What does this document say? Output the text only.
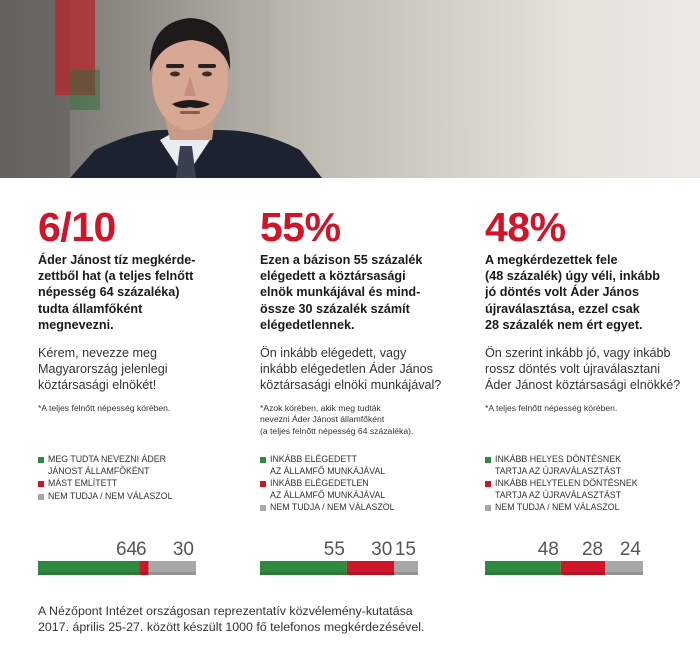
6/10

Áder Jánost tíz megkérde-
zettből hat (a teljes felnőtt
népesség 64 százaléka)
tudta államfőként
megnevezni.

Kérem, nevezze meg
Magyarország jelenlegi
köztársasági elnökét!

*A teljes felnőtt népesség körében.

MEG TUDTA NEVEZNI ÁDER
JÁNOST ÁLLAMFŐKÉNT
MÁST EMLÍTETT
NEM TUDJA / NEM VÁLASZOL
55%

Ezen a bázison 55 százalék
elégedett a köztársasági
elnök munkájával és mind-
össze 30 százalék számít
elégedetlennek.

Ön inkább elégedett, vagy
inkább elégedetlen Áder János
köztársasági elnöki munkájával?

*Azok körében, akik meg tudták
nevezni Áder Jánost államfőként
(a teljes felnőtt népesség 64 százaléka).

INKÁBB ELÉGEDETT
AZ ÁLLAMFŐ MUNKÁJÁVAL
INKÁBB ELÉGEDETLEN
AZ ÁLLAMFŐ MUNKÁJÁVAL
NEM TUDJA / NEM VÁLASZOL
48%

A megkérdezettek fele
(48 százalék) úgy véli, inkább
jó döntés volt Áder János
újraválasztása, ezzel csak
28 százalék nem ért egyet.

Ön szerint inkább jó, vagy inkább
rossz döntés volt újraválasztani
Áder Jánost köztársasági elnökké?

*A teljes felnőtt népesség körében.

INKÁBB HELYES DÖNTÉSNEK
TARTJA AZ ÚJRAVÁLASZTÁST
INKÁBB HELYTELEN DÖNTÉSNEK
TARTJA AZ ÚJRAVÁLASZTÁST
NEM TUDJA / NEM VÁLASZOL
64
6 30	55 30 15	48 28 24

A Nézőpont Intézet országosan reprezentatív közvélemény-kutatása

2017. április 25-27. között készült 1000 fő telefonos megkérdezésével.
